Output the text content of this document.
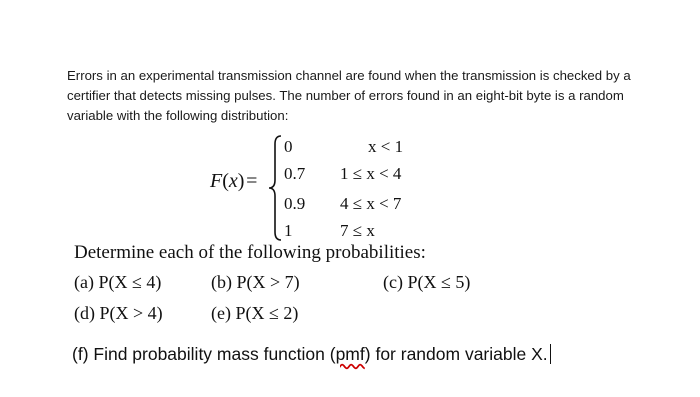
Errors in an experimental transmission channel are found when the transmission is checked by a
certifier that detects missing pulses. The number of errors found in an eight-bit byte is a random
variable with the following distribution:
F(x) =
0	x < 1
0.7 1 ≤ x < 4
0.9 4 ≤ x < 7
1	7 ≤ x
Determine each of the following probabilities:
(a) P(X ≤ 4)	(b) P(X > 7)	(c) P(X ≤ 5)
(d) P(X > 4)	(e) P(X ≤ 2)
(f) Find probability mass function (pmf) for random variable X.
